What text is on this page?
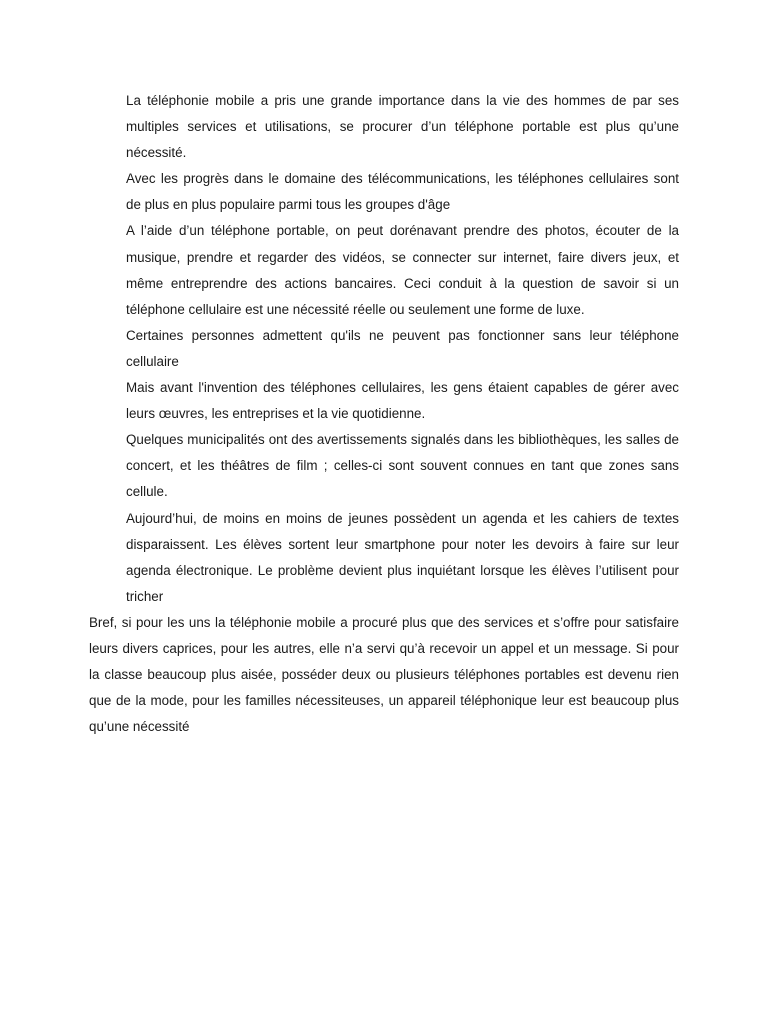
La téléphonie mobile a pris une grande importance dans la vie des hommes de par ses multiples services et utilisations, se procurer d’un téléphone portable est plus qu’une nécessité.

Avec les progrès dans le domaine des télécommunications, les téléphones cellulaires sont de plus en plus populaire parmi tous les groupes d'âge

A l’aide d’un téléphone portable, on peut dorénavant prendre des photos, écouter de la musique, prendre et regarder des vidéos, se connecter sur internet, faire divers jeux, et même entreprendre des actions bancaires. Ceci conduit à la question de savoir si un téléphone cellulaire est une nécessité réelle ou seulement une forme de luxe.

Certaines personnes admettent qu'ils ne peuvent pas fonctionner sans leur téléphone cellulaire

Mais avant l'invention des téléphones cellulaires, les gens étaient capables de gérer avec leurs œuvres, les entreprises et la vie quotidienne.

Quelques municipalités ont des avertissements signalés dans les bibliothèques, les salles de concert, et les théâtres de film ; celles-ci sont souvent connues en tant que zones sans cellule.

Aujourd’hui, de moins en moins de jeunes possèdent un agenda et les cahiers de textes disparaissent. Les élèves sortent leur smartphone pour noter les devoirs à faire sur leur agenda électronique. Le problème devient plus inquiétant lorsque les élèves l’utilisent pour tricher

Bref, si pour les uns la téléphonie mobile a procuré plus que des services et s’offre pour satisfaire leurs divers caprices, pour les autres, elle n’a servi qu’à recevoir un appel et un message. Si pour la classe beaucoup plus aisée, posséder deux ou plusieurs téléphones portables est devenu rien que de la mode, pour les familles nécessiteuses, un appareil téléphonique leur est beaucoup plus qu’une nécessité
